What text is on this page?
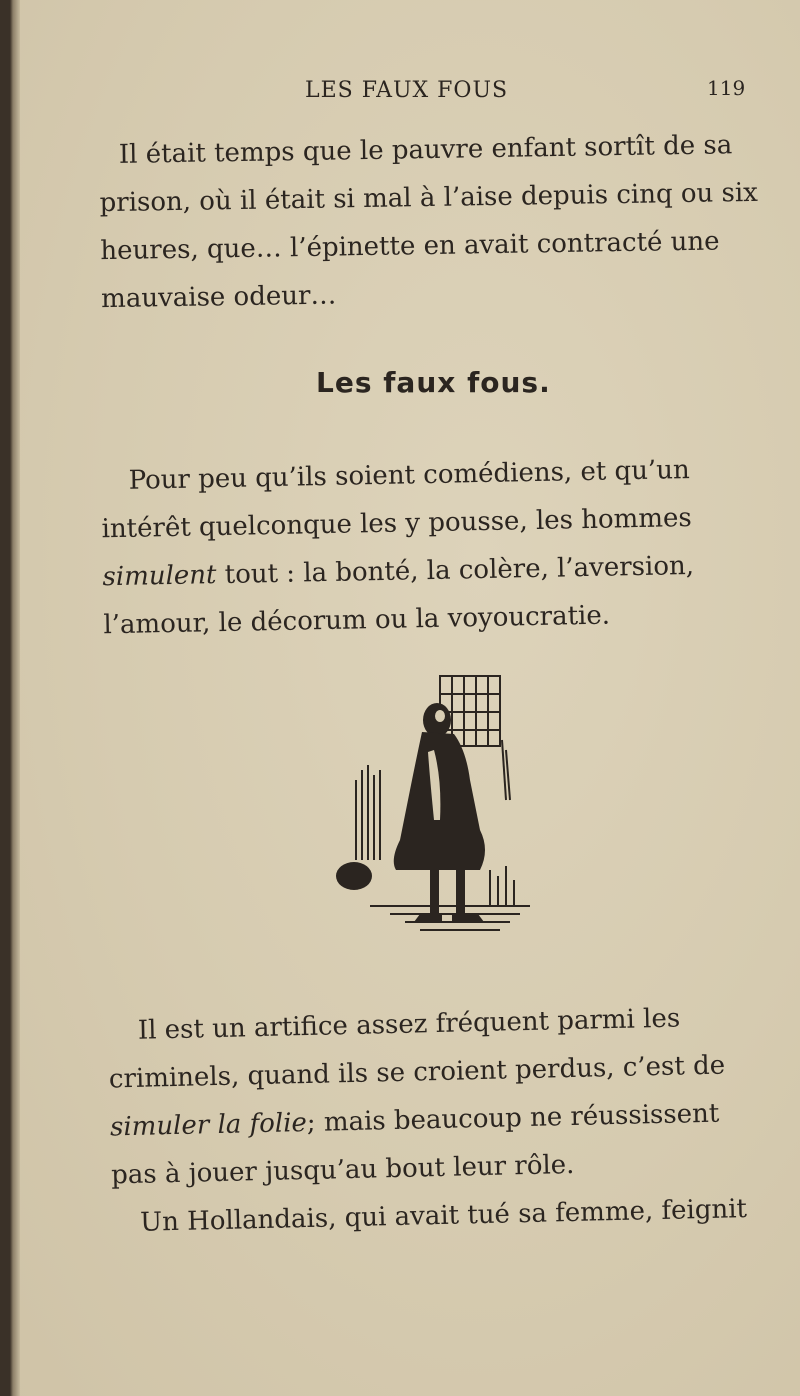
LES FAUX FOUS	119

Il était temps que le pauvre enfant sortît de sa prison, où il était si mal à l’aise depuis cinq ou six heures, que… l’épinette en avait contracté une mauvaise odeur…

Les faux fous.

Pour peu qu’ils soient comédiens, et qu’un intérêt quelconque les y pousse, les hommes simulent tout : la bonté, la colère, l’aversion, l’amour, le décorum ou la voyoucratie.

Il est un artifice assez fréquent parmi les criminels, quand ils se croient perdus, c’est de simuler la folie; mais beaucoup ne réussissent pas à jouer jusqu’au bout leur rôle.
Un Hollandais, qui avait tué sa femme, feignit
